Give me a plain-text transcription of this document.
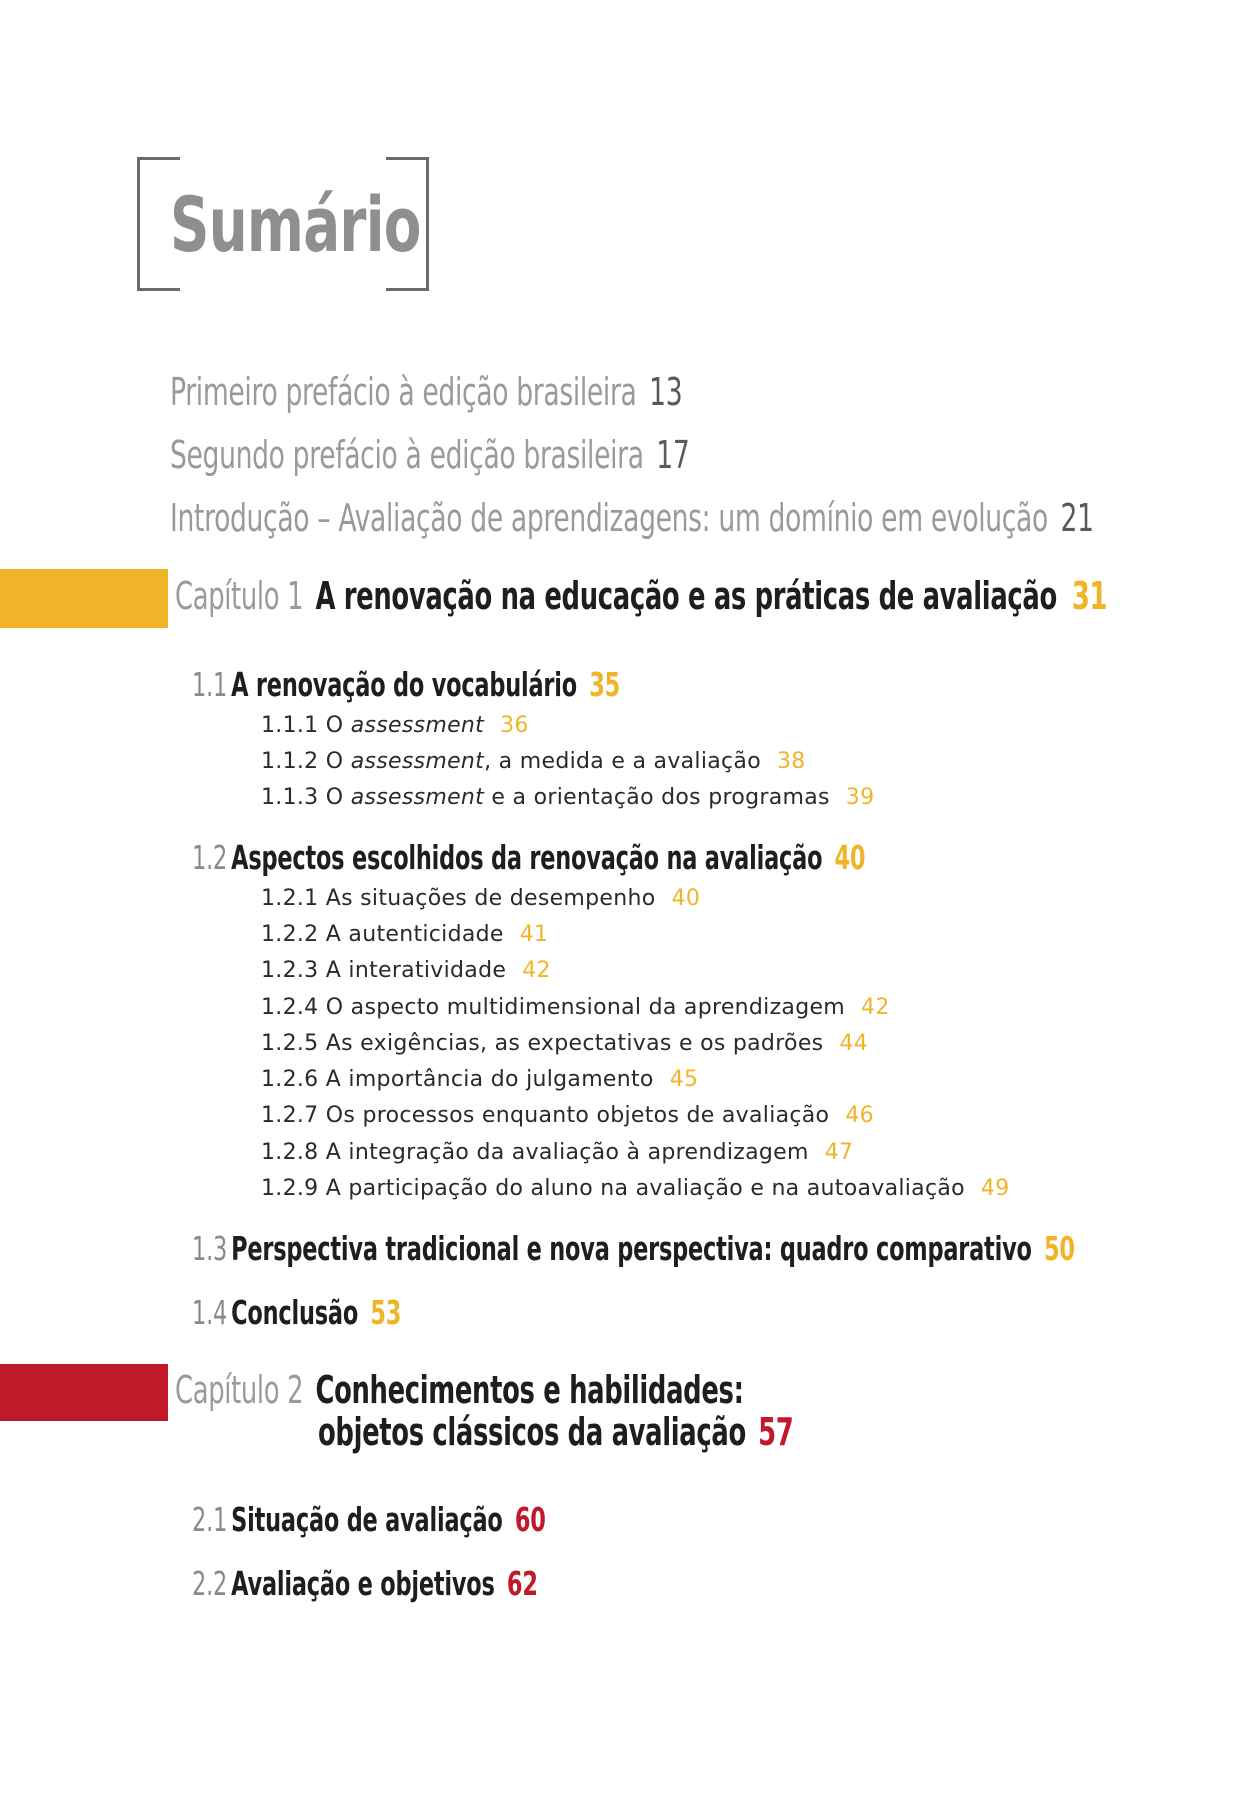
Sumário
Primeiro prefácio à edição brasileira 13
Segundo prefácio à edição brasileira 17
Introdução – Avaliação de aprendizagens: um domínio em evolução 21
Capítulo 1 A renovação na educação e as práticas de avaliação 31
1.1 A renovação do vocabulário 35
1.1.1 O assessment 36
1.1.2 O assessment, a medida e a avaliação 38
1.1.3 O assessment e a orientação dos programas 39
1.2 Aspectos escolhidos da renovação na avaliação 40
1.2.1 As situações de desempenho 40
1.2.2 A autenticidade 41
1.2.3 A interatividade 42
1.2.4 O aspecto multidimensional da aprendizagem 42
1.2.5 As exigências, as expectativas e os padrões 44
1.2.6 A importância do julgamento 45
1.2.7 Os processos enquanto objetos de avaliação 46
1.2.8 A integração da avaliação à aprendizagem 47
1.2.9 A participação do aluno na avaliação e na autoavaliação 49
1.3 Perspectiva tradicional e nova perspectiva: quadro comparativo 50
1.4 Conclusão 53
Capítulo 2 Conhecimentos e habilidades:
objetos clássicos da avaliação 57
2.1 Situação de avaliação 60
2.2 Avaliação e objetivos 62
